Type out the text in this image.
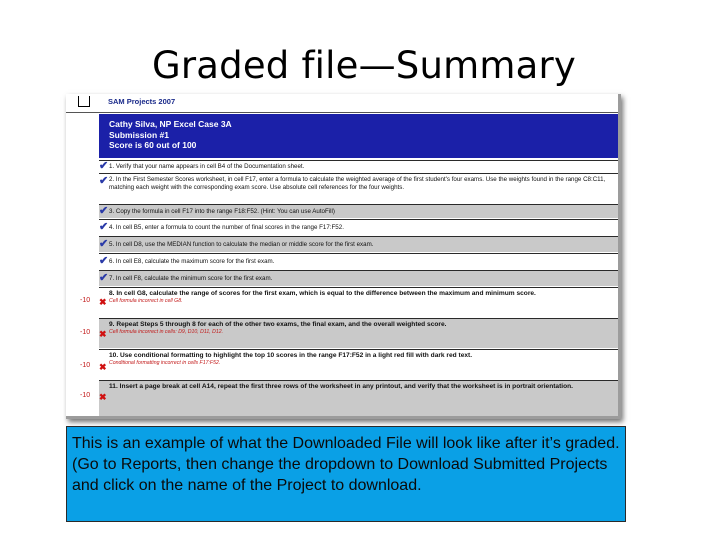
Graded file—Summary
SAM Projects 2007
Cathy Silva, NP Excel Case 3A
Submission #1
Score is 60 out of 100
1. Verify that your name appears in cell B4 of the Documentation sheet.
2. In the First Semester Scores worksheet, in cell F17, enter a formula to calculate the weighted average of the first student's four exams. Use the weights found in the range C8:C11, matching each weight with the corresponding exam score. Use absolute cell references for the four weights.
3. Copy the formula in cell F17 into the range F18:F52. (Hint: You can use AutoFill)
4. In cell B5, enter a formula to count the number of final scores in the range F17:F52.
5. In cell D8, use the MEDIAN function to calculate the median or middle score for the first exam.
6. In cell E8, calculate the maximum score for the first exam.
7. In cell F8, calculate the minimum score for the first exam.
8. In cell G8, calculate the range of scores for the first exam, which is equal to the difference between the maximum and minimum score.
Cell formula incorrect in cell G8.
9. Repeat Steps 5 through 8 for each of the other two exams, the final exam, and the overall weighted score.
Cell formula incorrect in cells: D9, D10, D11, D12.
10. Use conditional formatting to highlight the top 10 scores in the range F17:F52 in a light red fill with dark red text.
Conditional formatting incorrect in cells F17:F52.
11. Insert a page break at cell A14, repeat the first three rows of the worksheet in any printout, and verify that the worksheet is in portrait orientation.
✔
✔
✔
✔
✔
✔
✔
-10 ✖
-10 ✖
-10 ✖
-10 ✖
This is an example of what the Downloaded File will look like after it’s graded. (Go to Reports, then change the dropdown to Download Submitted Projects and click on the name of the Project to download.
